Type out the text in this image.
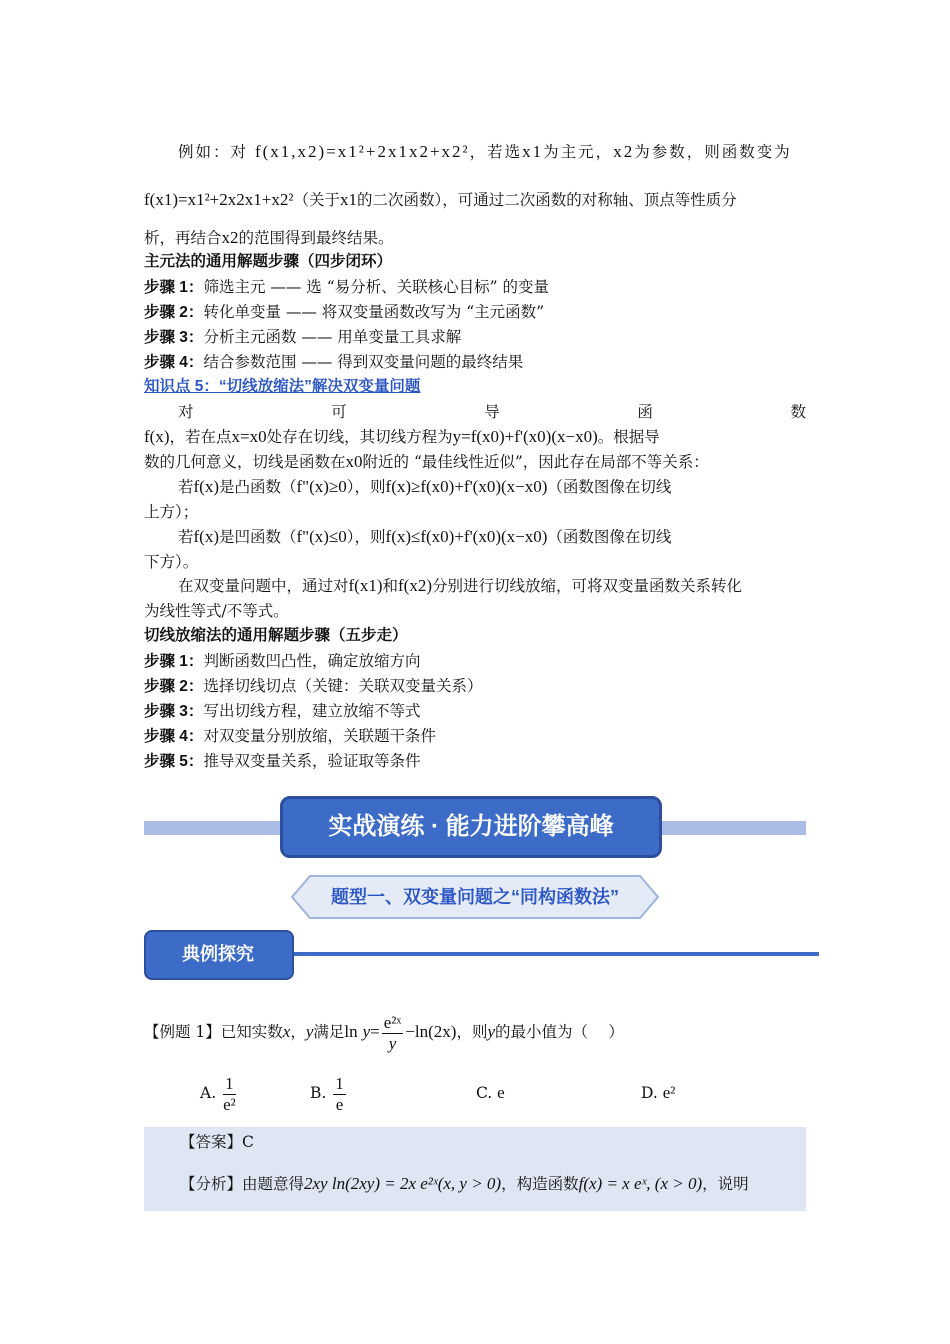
例如：对 f(x1,x2)=x1²+2x1x2+x2²，若选x1为主元，x2为参数，则函数变为
f(x1)=x1²+2x2x1+x2²（关于x1的二次函数），可通过二次函数的对称轴、顶点等性质分
析，再结合x2的范围得到最终结果。
主元法的通用解题步骤（四步闭环）
步骤 1：筛选主元 —— 选 “易分析、关联核心目标” 的变量
步骤 2：转化单变量 —— 将双变量函数改写为 “主元函数”
步骤 3：分析主元函数 —— 用单变量工具求解
步骤 4：结合参数范围 —— 得到双变量问题的最终结果
知识点 5：“切线放缩法”解决双变量问题
对	可	导	函	数
f(x)，若在点x=x0处存在切线，其切线方程为y=f(x0)+f'(x0)(x−x0)。根据导
数的几何意义，切线是函数在x0附近的 “最佳线性近似”，因此存在局部不等关系：
若f(x)是凸函数（f"(x)≥0），则f(x)≥f(x0)+f'(x0)(x−x0)（函数图像在切线
上方）；
若f(x)是凹函数（f"(x)≤0），则f(x)≤f(x0)+f'(x0)(x−x0)（函数图像在切线
下方）。
在双变量问题中，通过对f(x1)和f(x2)分别进行切线放缩，可将双变量函数关系转化
为线性等式/不等式。
切线放缩法的通用解题步骤（五步走）
步骤 1：判断函数凹凸性，确定放缩方向
步骤 2：选择切线切点（关键：关联双变量关系）
步骤 3：写出切线方程，建立放缩不等式
步骤 4：对双变量分别放缩，关联题干条件
步骤 5：推导双变量关系，验证取等条件
实战演练 · 能力进阶攀高峰
题型一、双变量问题之“同构函数法”
典例探究
【例题 1】已知实数x，y满足$\ln y= \frac{\text{e²ˣ}}{y} -\ln(2x)$，则y的最小值为（　 ）
A. $\frac{1}{\text{e²}}$	B. $\frac{1}{e}$	C. e	D. e²
【答案】C
【分析】由题意得2xy ln(2xy) = 2x e²ˣ(x, y > 0)，构造函数f(x) = x eˣ, (x > 0)，说明
